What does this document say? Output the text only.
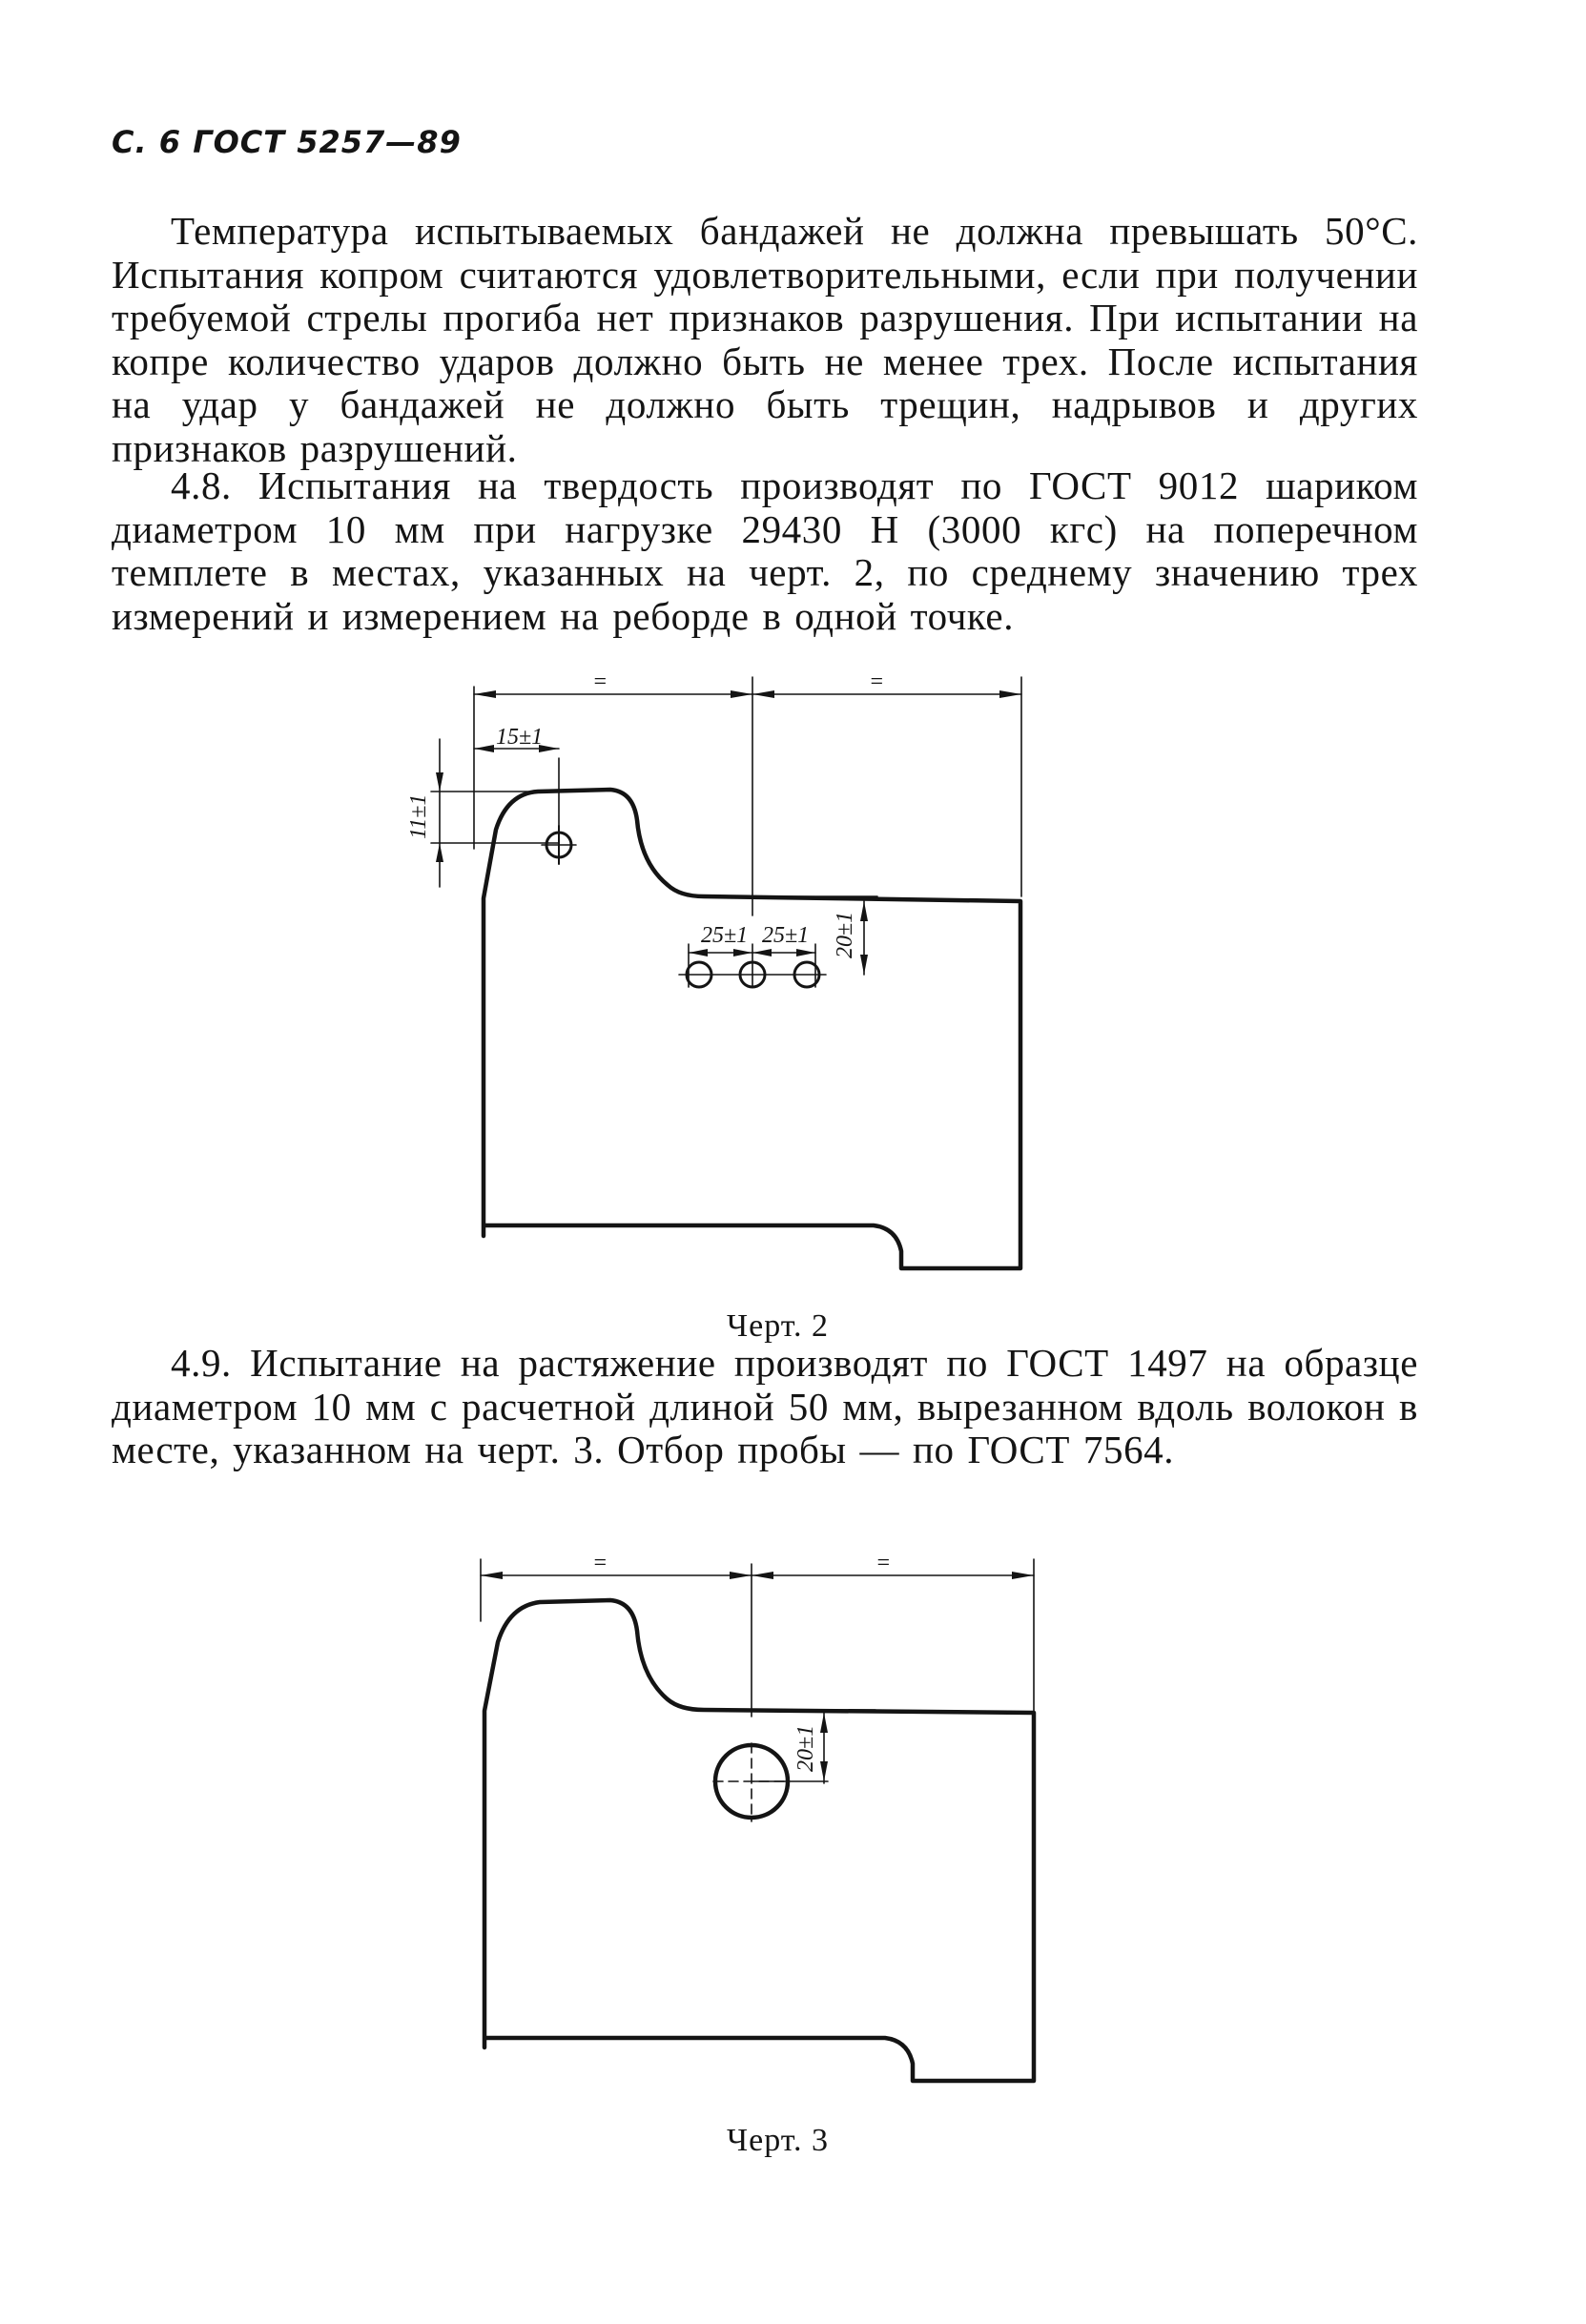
С. 6 ГОСТ 5257—89
Температура испытываемых бандажей не должна превышать 50°С. Испытания копром считаются удовлетворительными, если при получении требуемой стрелы прогиба нет признаков разрушения. При испытании на копре количество ударов должно быть не менее трех. После испытания на удар у бандажей не должно быть трещин, надрывов и других признаков разрушений.
4.8. Испытания на твердость производят по ГОСТ 9012 шариком диаметром 10 мм при нагрузке 29430 Н (3000 кгс) на поперечном темплете в местах, указанных на черт. 2, по среднему значению трех измерений и измерением на реборде в одной точке.
=	=
15±1
11±1
25±1 25±1 20±1
Черт. 2
4.9. Испытание на растяжение производят по ГОСТ 1497 на образце диаметром 10 мм с расчетной длиной 50 мм, вырезанном вдоль волокон в месте, указанном на черт. 3. Отбор пробы — по ГОСТ 7564.
=	=
20±1
Черт. 3
